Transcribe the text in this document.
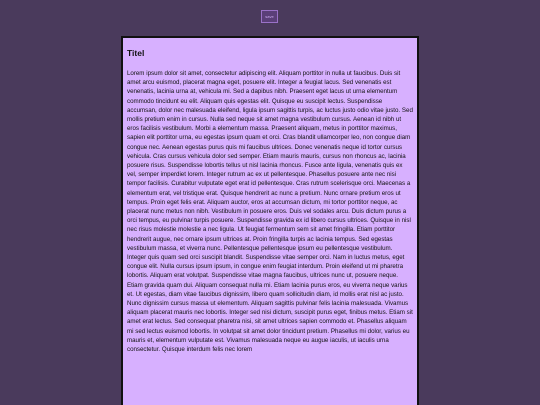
save
Titel

Lorem ipsum dolor sit amet, consectetur adipiscing elit. Aliquam porttitor in nulla ut faucibus. Duis sit amet arcu euismod, placerat magna eget, posuere elit. Integer a feugiat lacus. Sed venenatis est venenatis, lacinia urna at, vehicula mi. Sed a dapibus nibh. Praesent eget lacus ut urna elementum commodo tincidunt eu elit. Aliquam quis egestas elit. Quisque eu suscipit lectus. Suspendisse accumsan, dolor nec malesuada eleifend, ligula ipsum sagittis turpis, ac luctus justo odio vitae justo. Sed mollis pretium enim in cursus. Nulla sed neque sit amet magna vestibulum cursus. Aenean id nibh ut eros facilisis vestibulum. Morbi a elementum massa. Praesent aliquam, metus in porttitor maximus, sapien elit porttitor urna, eu egestas ipsum quam et orci. Cras blandit ullamcorper leo, non congue diam congue nec. Aenean egestas purus quis mi faucibus ultrices. Donec venenatis neque id tortor cursus vehicula. Cras cursus vehicula dolor sed semper. Etiam mauris mauris, cursus non rhoncus ac, lacinia posuere risus. Suspendisse lobortis tellus ut nisl lacinia rhoncus. Fusce ante ligula, venenatis quis ex vel, semper imperdiet lorem. Integer rutrum ac ex ut pellentesque. Phasellus posuere ante nec nisi tempor facilisis. Curabitur vulputate eget erat id pellentesque. Cras rutrum scelerisque orci. Maecenas a elementum erat, vel tristique erat. Quisque hendrerit ac nunc a pretium. Nunc ornare pretium eros ut tempus. Proin eget felis erat. Aliquam auctor, eros at accumsan dictum, mi tortor porttitor neque, ac placerat nunc metus non nibh. Vestibulum in posuere eros. Duis vel sodales arcu. Duis dictum purus a orci tempus, eu pulvinar turpis posuere. Suspendisse gravida ex id libero cursus ultrices. Quisque in nisl nec risus molestie molestie a nec ligula. Ut feugiat fermentum sem sit amet fringilla. Etiam porttitor hendrerit augue, nec ornare ipsum ultrices at. Proin fringilla turpis ac lacinia tempus. Sed egestas vestibulum massa, et viverra nunc. Pellentesque pellentesque ipsum eu pellentesque vestibulum. Integer quis quam sed orci suscipit blandit. Suspendisse vitae semper orci. Nam in luctus metus, eget congue elit. Nulla cursus ipsum ipsum, in congue enim feugiat interdum. Proin eleifend ut mi pharetra lobortis. Aliquam erat volutpat. Suspendisse vitae magna faucibus, ultrices nunc ut, posuere neque. Etiam gravida quam dui. Aliquam consequat nulla mi. Etiam lacinia purus eros, eu viverra neque varius et. Ut egestas, diam vitae faucibus dignissim, libero quam sollicitudin diam, id mollis erat nisl ac justo. Nunc dignissim cursus massa ut elementum. Aliquam sagittis pulvinar felis lacinia malesuada. Vivamus aliquam placerat mauris nec lobortis. Integer sed nisi dictum, suscipit purus eget, finibus metus. Etiam sit amet erat lectus. Sed consequat pharetra nisi, sit amet ultrices sapien commodo et. Phasellus aliquam mi sed lectus euismod lobortis. In volutpat sit amet dolor tincidunt pretium. Phasellus mi dolor, varius eu mauris et, elementum vulputate est. Vivamus malesuada neque eu augue iaculis, ut iaculis urna consectetur. Quisque interdum felis nec lorem
